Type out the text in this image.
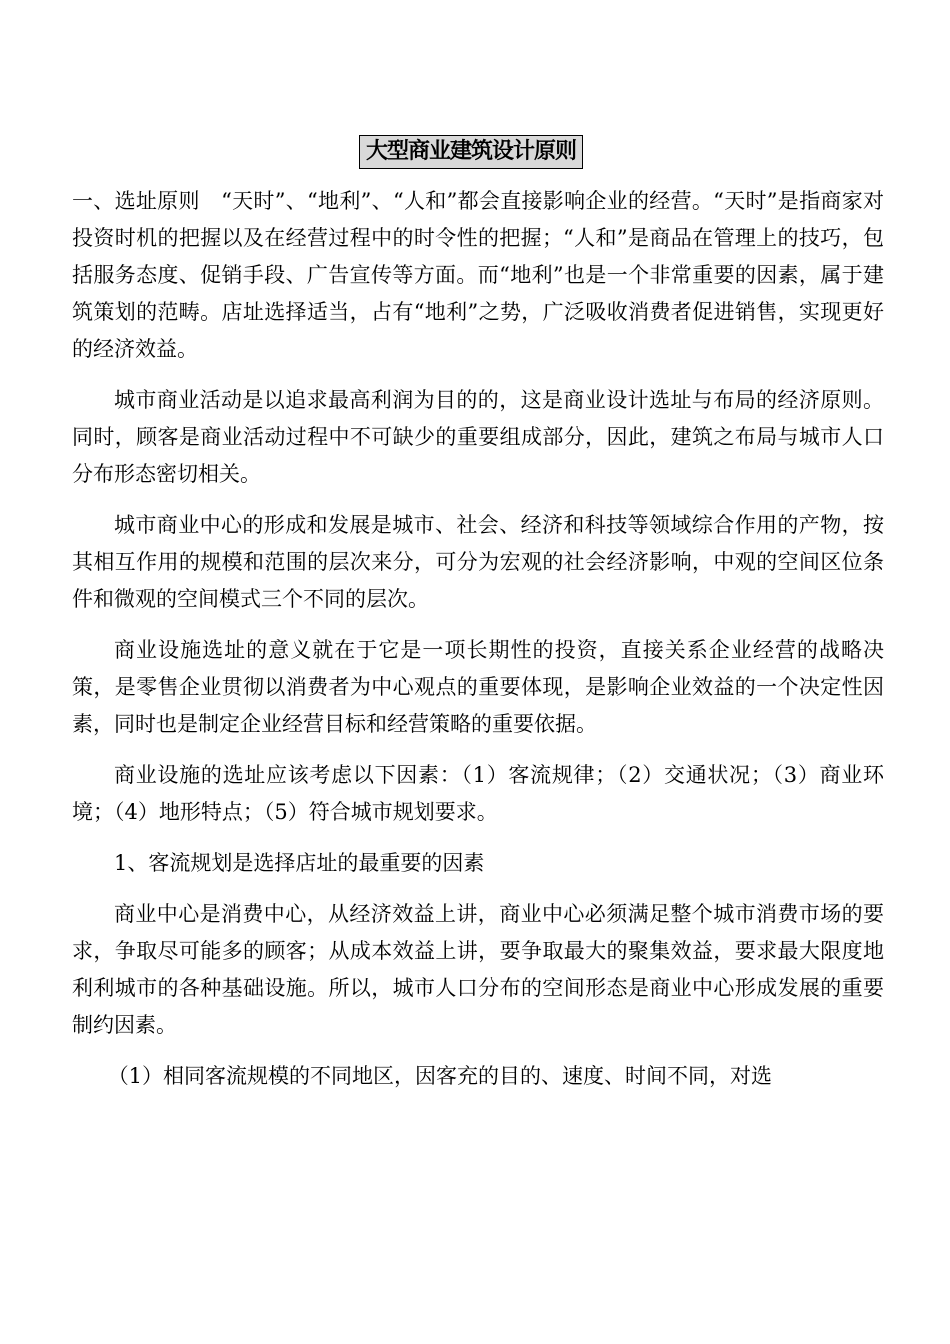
大型商业建筑设计原则

一、选址原则　“天时”、“地利”、“人和”都会直接影响企业的经营。“天时”是指商家对投资时机的把握以及在经营过程中的时令性的把握；“人和”是商品在管理上的技巧，包括服务态度、促销手段、广告宣传等方面。而“地利”也是一个非常重要的因素，属于建筑策划的范畴。店址选择适当，占有“地利”之势，广泛吸收消费者促进销售，实现更好的经济效益。

城市商业活动是以追求最高利润为目的的，这是商业设计选址与布局的经济原则。同时，顾客是商业活动过程中不可缺少的重要组成部分，因此，建筑之布局与城市人口分布形态密切相关。

城市商业中心的形成和发展是城市、社会、经济和科技等领域综合作用的产物，按其相互作用的规模和范围的层次来分，可分为宏观的社会经济影响，中观的空间区位条件和微观的空间模式三个不同的层次。

商业设施选址的意义就在于它是一项长期性的投资，直接关系企业经营的战略决策，是零售企业贯彻以消费者为中心观点的重要体现，是影响企业效益的一个决定性因素，同时也是制定企业经营目标和经营策略的重要依据。

商业设施的选址应该考虑以下因素：（1）客流规律；（2）交通状况；（3）商业环境；（4）地形特点；（5）符合城市规划要求。

1、客流规划是选择店址的最重要的因素

商业中心是消费中心，从经济效益上讲，商业中心必须满足整个城市消费市场的要求，争取尽可能多的顾客；从成本效益上讲，要争取最大的聚集效益，要求最大限度地利利城市的各种基础设施。所以，城市人口分布的空间形态是商业中心形成发展的重要制约因素。

（1）相同客流规模的不同地区，因客充的目的、速度、时间不同，对选
